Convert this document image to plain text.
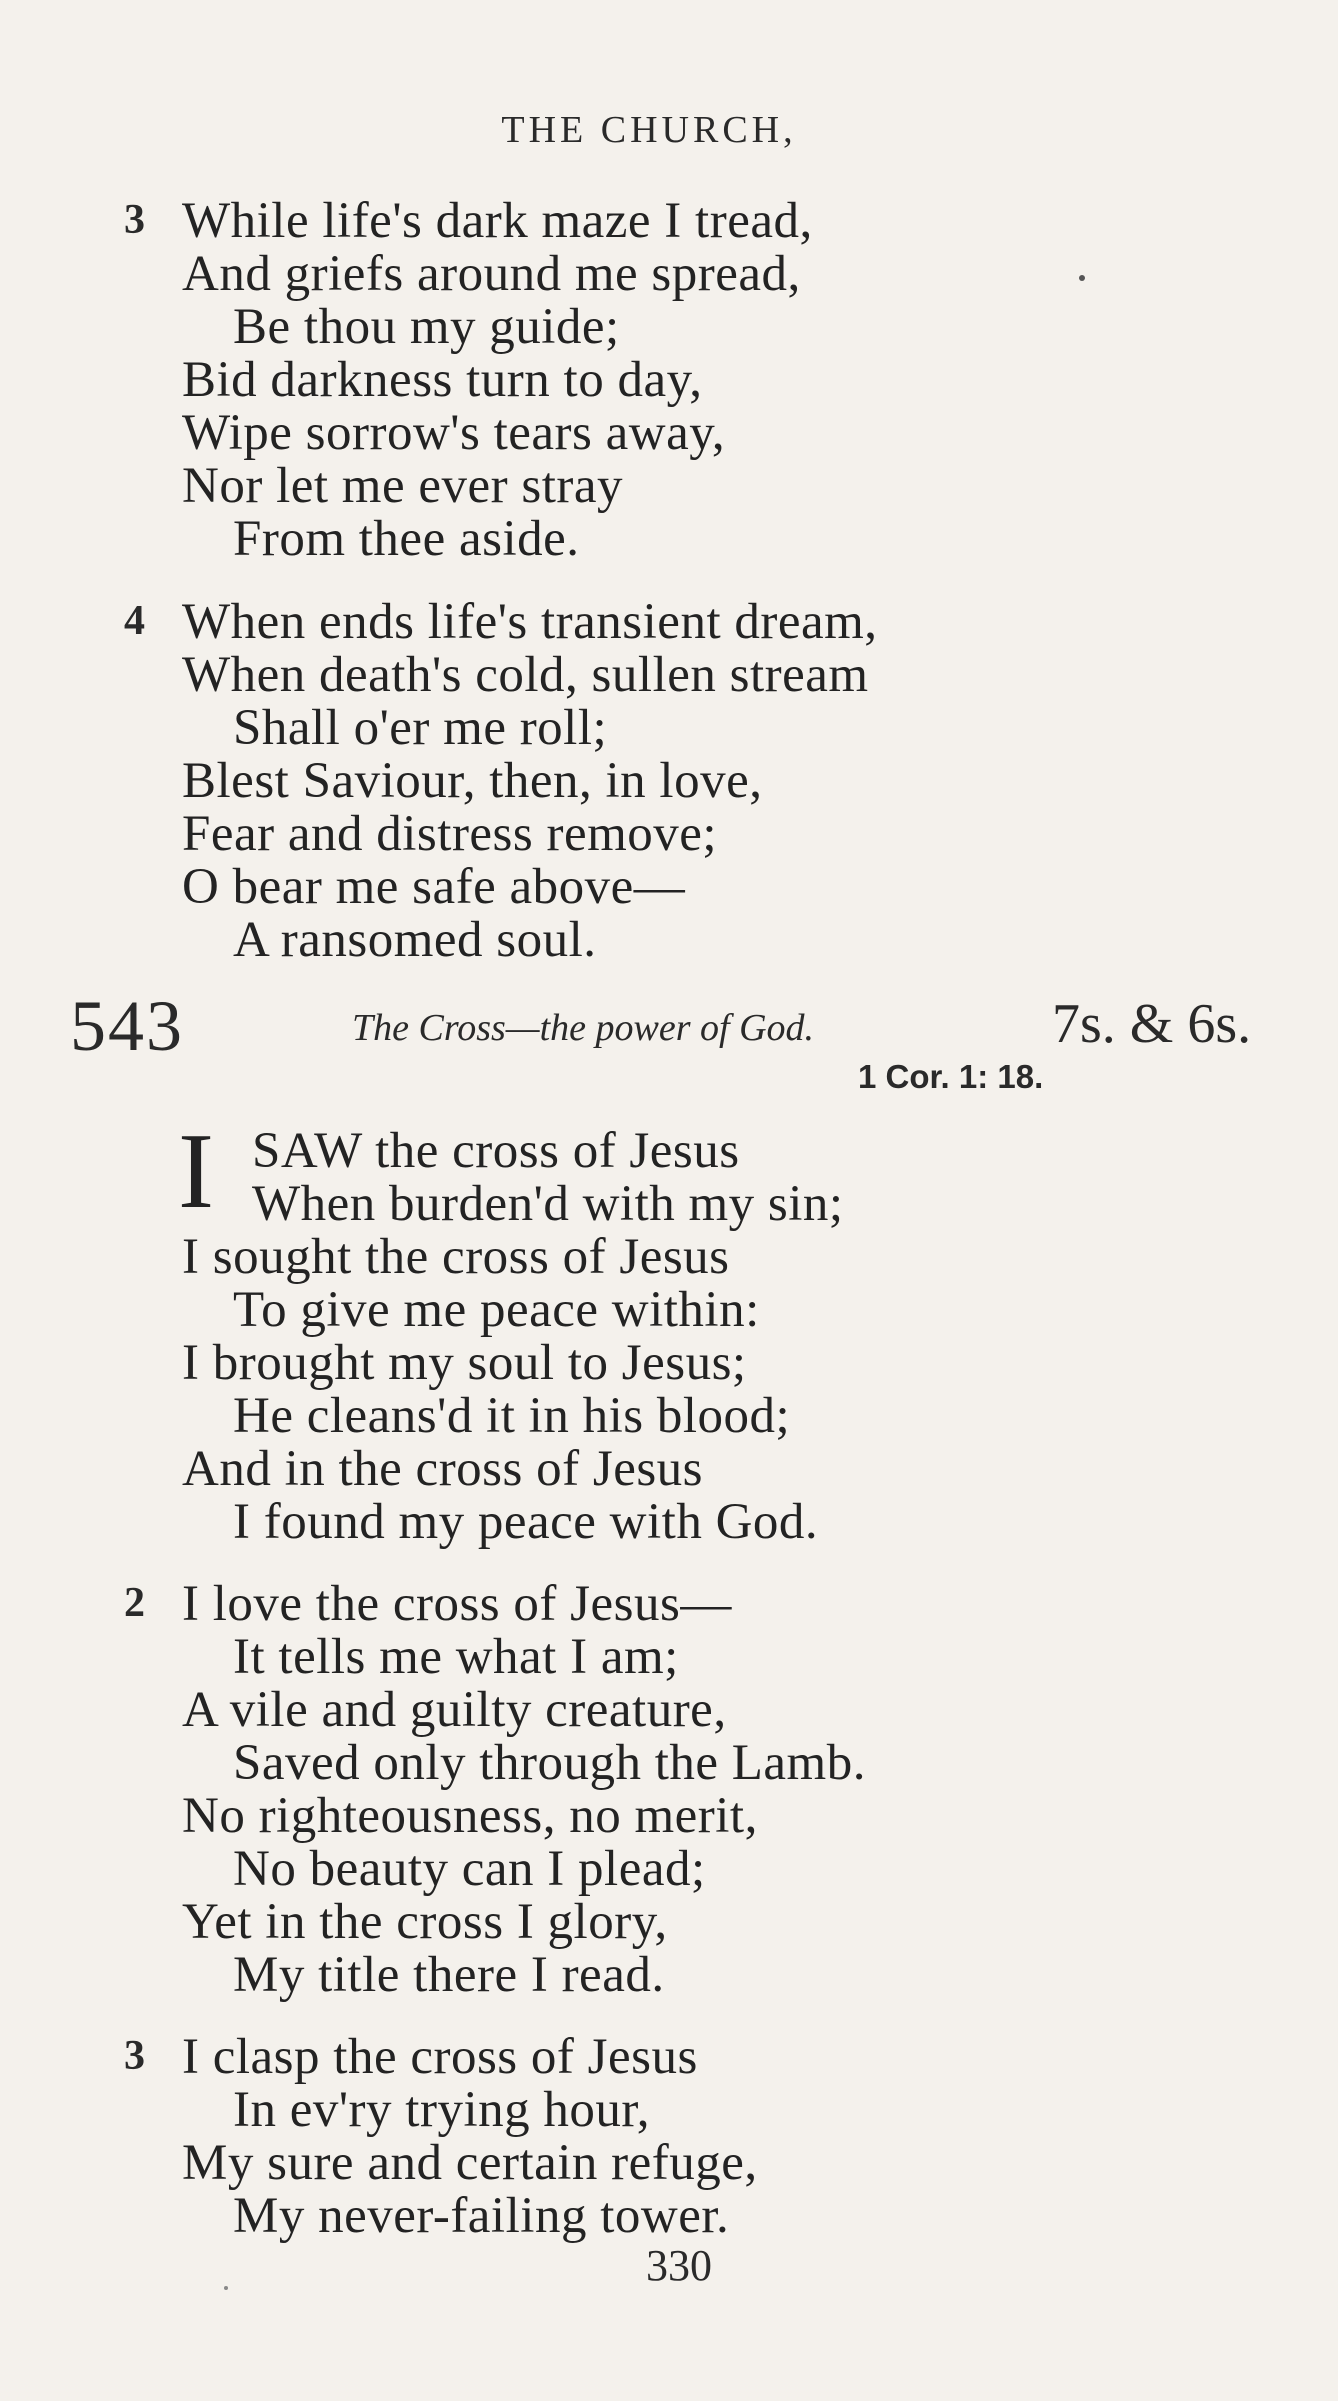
THE CHURCH,
3 While life's dark maze I tread,
And griefs around me spread,
Be thou my guide;
Bid darkness turn to day,
Wipe sorrow's tears away,
Nor let me ever stray
From thee aside.
4 When ends life's transient dream,
When death's cold, sullen stream
Shall o'er me roll;
Blest Saviour, then, in love,
Fear and distress remove;
O bear me safe above—
A ransomed soul.
543	The Cross—the power of God.	7s. & 6s.
1 Cor. 1: 18.
I SAW the cross of Jesus
When burden'd with my sin;
I sought the cross of Jesus
To give me peace within:
I brought my soul to Jesus;
He cleans'd it in his blood;
And in the cross of Jesus
I found my peace with God.
2 I love the cross of Jesus—
It tells me what I am;
A vile and guilty creature,
Saved only through the Lamb.
No righteousness, no merit,
No beauty can I plead;
Yet in the cross I glory,
My title there I read.
3 I clasp the cross of Jesus
In ev'ry trying hour,
My sure and certain refuge,
My never-failing tower.
330
